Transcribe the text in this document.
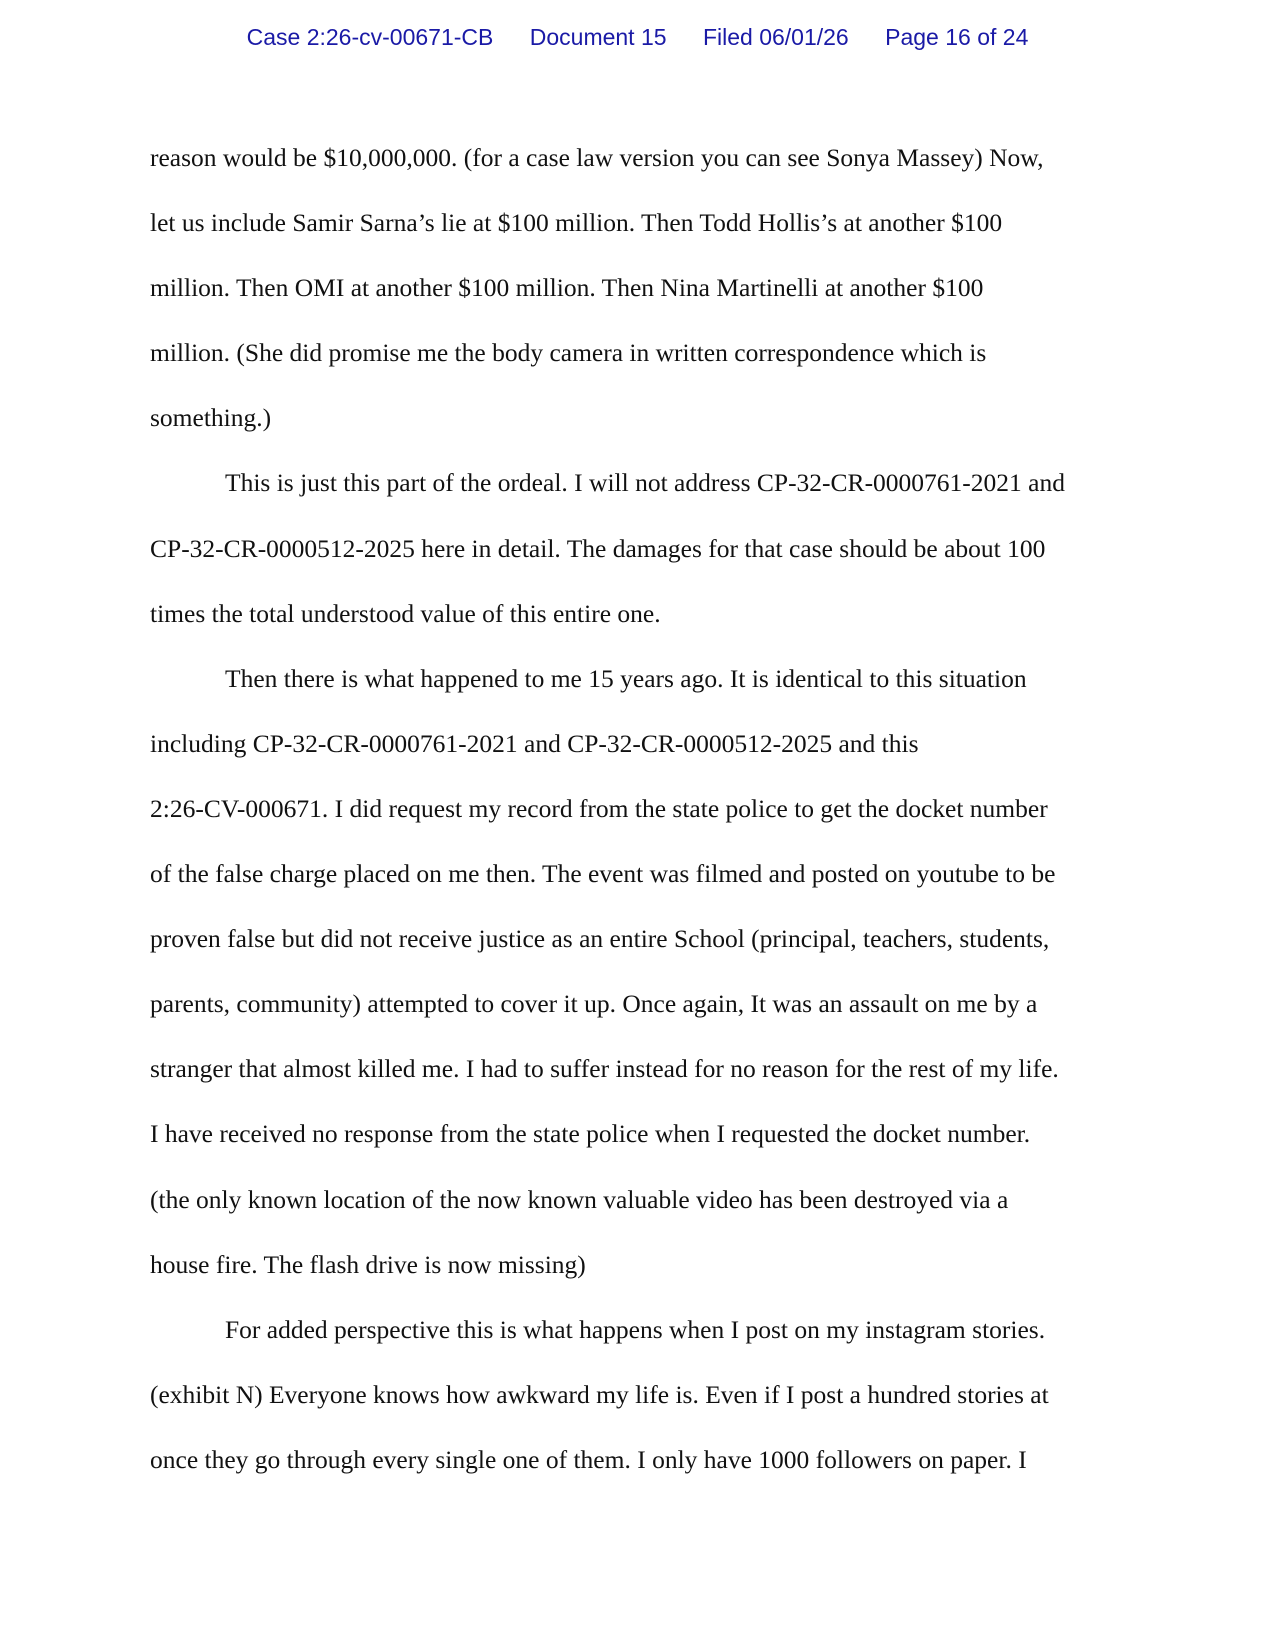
Case 2:26-cv-00671-CB Document 15 Filed 06/01/26 Page 16 of 24
reason would be $10,000,000. (for a case law version you can see Sonya Massey) Now,
let us include Samir Sarna’s lie at $100 million. Then Todd Hollis’s at another $100
million. Then OMI at another $100 million. Then Nina Martinelli at another $100
million. (She did promise me the body camera in written correspondence which is
something.)
This is just this part of the ordeal. I will not address CP-32-CR-0000761-2021 and
CP-32-CR-0000512-2025 here in detail. The damages for that case should be about 100
times the total understood value of this entire one.
Then there is what happened to me 15 years ago. It is identical to this situation
including CP-32-CR-0000761-2021 and CP-32-CR-0000512-2025 and this
2:26-CV-000671. I did request my record from the state police to get the docket number
of the false charge placed on me then. The event was filmed and posted on youtube to be
proven false but did not receive justice as an entire School (principal, teachers, students,
parents, community) attempted to cover it up. Once again, It was an assault on me by a
stranger that almost killed me. I had to suffer instead for no reason for the rest of my life.
I have received no response from the state police when I requested the docket number.
(the only known location of the now known valuable video has been destroyed via a
house fire. The flash drive is now missing)
For added perspective this is what happens when I post on my instagram stories.
(exhibit N) Everyone knows how awkward my life is. Even if I post a hundred stories at
once they go through every single one of them. I only have 1000 followers on paper. I
